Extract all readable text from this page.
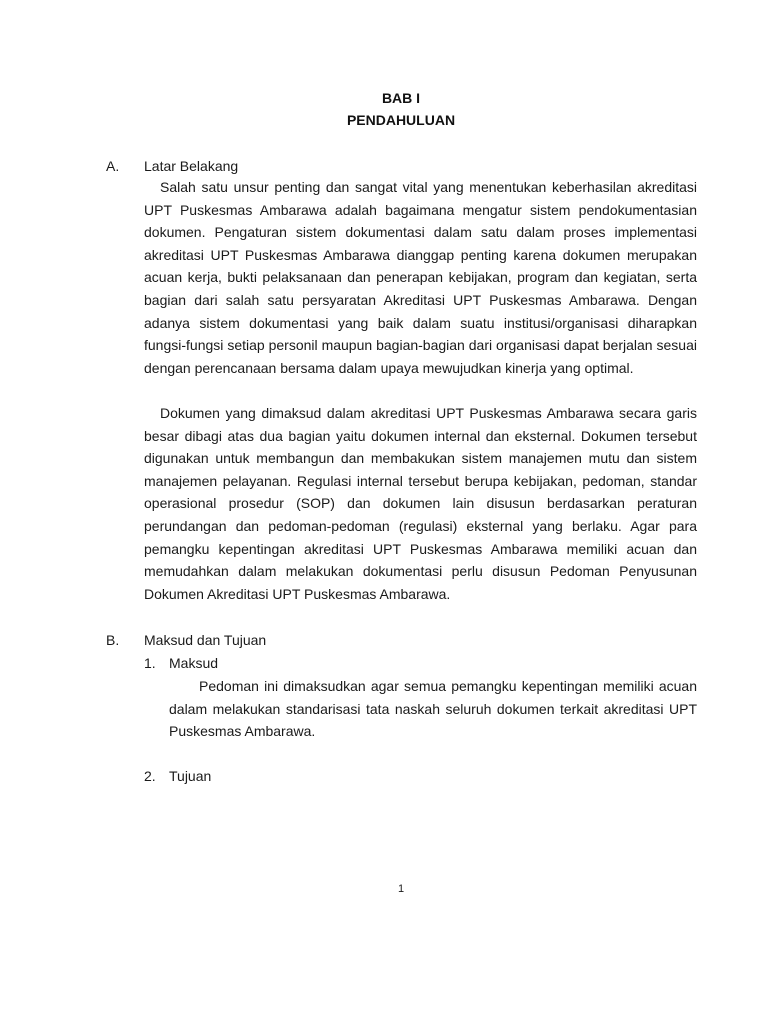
BAB I
PENDAHULUAN
A. Latar Belakang

Salah satu unsur penting dan sangat vital yang menentukan keberhasilan akreditasi UPT Puskesmas Ambarawa adalah bagaimana mengatur sistem pendokumentasian dokumen. Pengaturan sistem dokumentasi dalam satu dalam proses implementasi akreditasi UPT Puskesmas Ambarawa dianggap penting karena dokumen merupakan acuan kerja, bukti pelaksanaan dan penerapan kebijakan, program dan kegiatan, serta bagian dari salah satu persyaratan Akreditasi UPT Puskesmas Ambarawa. Dengan adanya sistem dokumentasi yang baik dalam suatu institusi/organisasi diharapkan fungsi-fungsi setiap personil maupun bagian-bagian dari organisasi dapat berjalan sesuai dengan perencanaan bersama dalam upaya mewujudkan kinerja yang optimal.

Dokumen yang dimaksud dalam akreditasi UPT Puskesmas Ambarawa secara garis besar dibagi atas dua bagian yaitu dokumen internal dan eksternal. Dokumen tersebut digunakan untuk membangun dan membakukan sistem manajemen mutu dan sistem manajemen pelayanan. Regulasi internal tersebut berupa kebijakan, pedoman, standar operasional prosedur (SOP) dan dokumen lain disusun berdasarkan peraturan perundangan dan pedoman-pedoman (regulasi) eksternal yang berlaku. Agar para pemangku kepentingan akreditasi UPT Puskesmas Ambarawa memiliki acuan dan memudahkan dalam melakukan dokumentasi perlu disusun Pedoman Penyusunan Dokumen Akreditasi UPT Puskesmas Ambarawa.

B. Maksud dan Tujuan
1. Maksud

Pedoman ini dimaksudkan agar semua pemangku kepentingan memiliki acuan dalam melakukan standarisasi tata naskah seluruh dokumen terkait akreditasi UPT Puskesmas Ambarawa.

2. Tujuan
1
